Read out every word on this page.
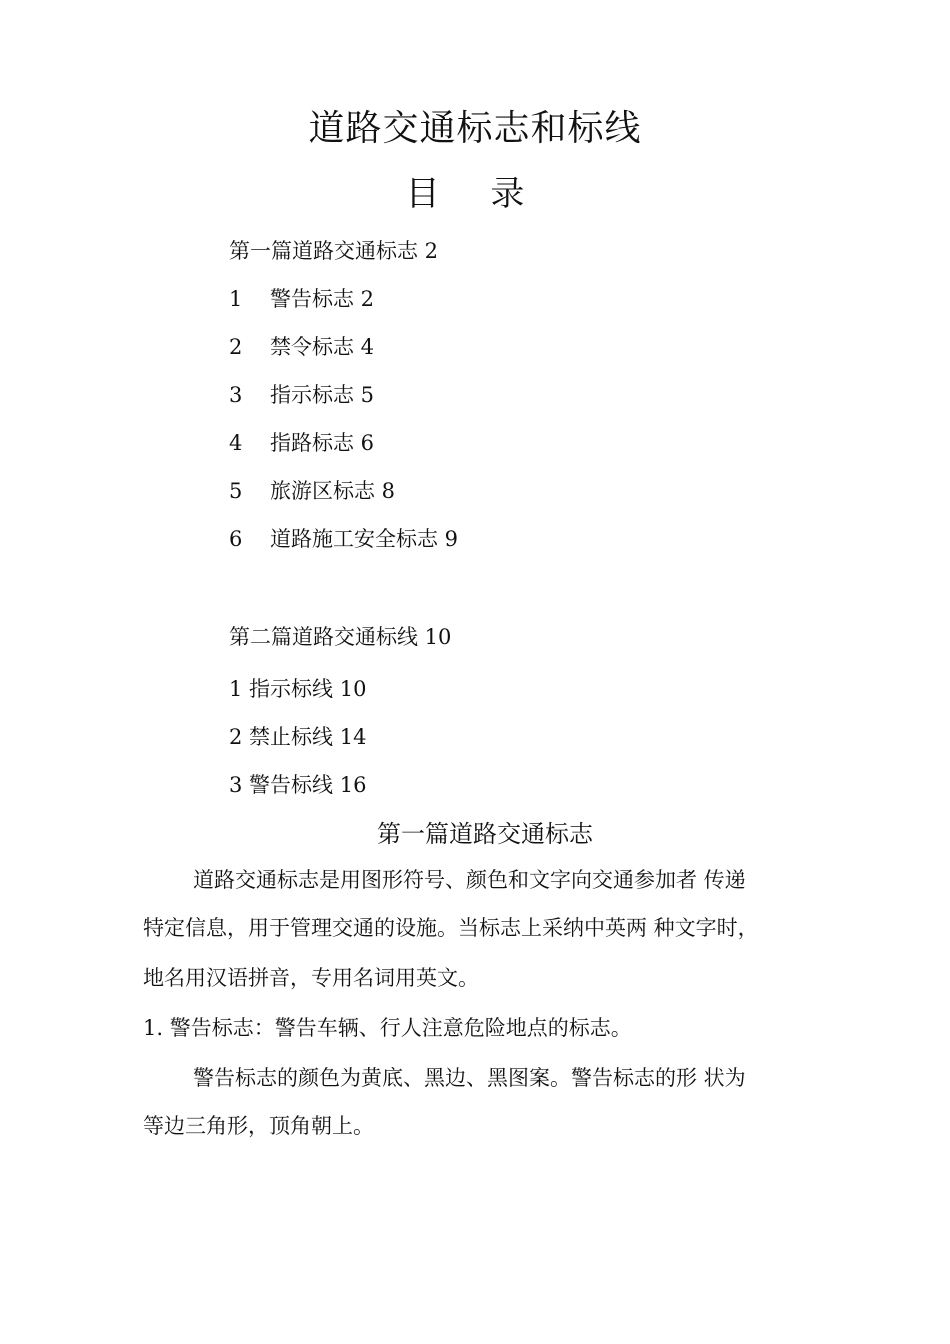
道路交通标志和标线
目 录
第一篇道路交通标志 2
1 警告标志 2
2 禁令标志 4
3 指示标志 5
4 指路标志 6
5 旅游区标志 8
6 道路施工安全标志 9
第二篇道路交通标线 10
1 指示标线 10
2 禁止标线 14
3 警告标线 16
第一篇道路交通标志
道路交通标志是用图形符号、颜色和文字向交通参加者 传递
特定信息，用于管理交通的设施。当标志上采纳中英两 种文字时，
地名用汉语拼音，专用名词用英文。
1. 警告标志：警告车辆、行人注意危险地点的标志。
警告标志的颜色为黄底、黑边、黑图案。警告标志的形 状为
等边三角形，顶角朝上。
